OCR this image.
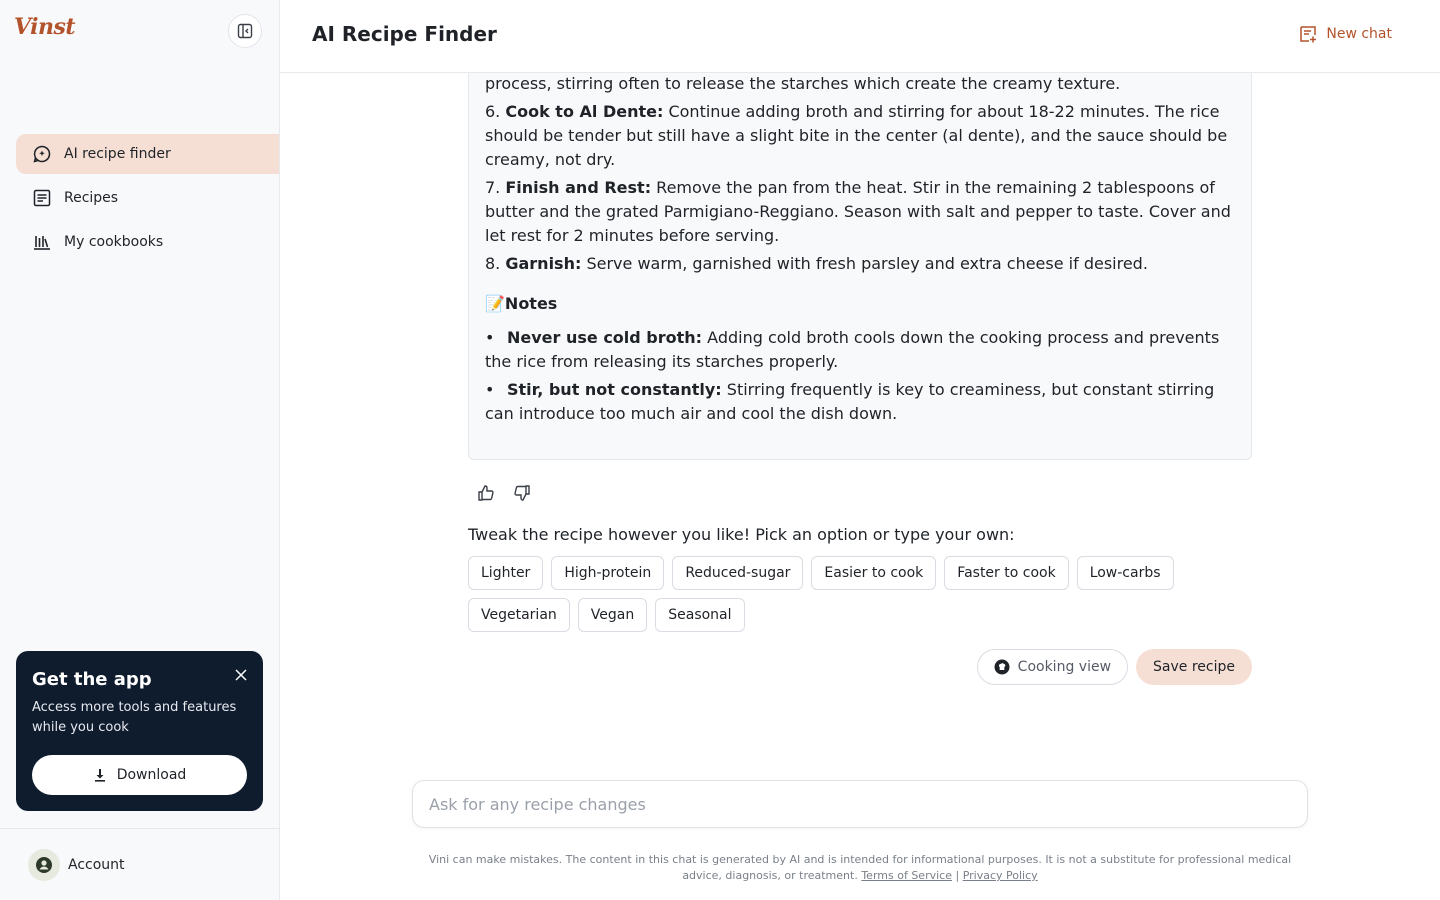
Vinst
AI recipe finder
Recipes
My cookbooks
Get the app
Access more tools and features while you cook
Download
Account
AI Recipe Finder	New chat
process, stirring often to release the starches which create the creamy texture.
6. Cook to Al Dente: Continue adding broth and stirring for about 18-22 minutes. The rice should be tender but still have a slight bite in the center (al dente), and the sauce should be creamy, not dry.
7. Finish and Rest: Remove the pan from the heat. Stir in the remaining 2 tablespoons of butter and the grated Parmigiano-Reggiano. Season with salt and pepper to taste. Cover and let rest for 2 minutes before serving.
8. Garnish: Serve warm, garnished with fresh parsley and extra cheese if desired.
📝Notes
• Never use cold broth: Adding cold broth cools down the cooking process and prevents the rice from releasing its starches properly.
• Stir, but not constantly: Stirring frequently is key to creaminess, but constant stirring can introduce too much air and cool the dish down.
Tweak the recipe however you like! Pick an option or type your own:
Lighter	High-protein	Reduced-sugar	Easier to cook	Faster to cook	Low-carbs
Vegetarian	Vegan	Seasonal
Cooking view	Save recipe
Ask for any recipe changes
Vini can make mistakes. The content in this chat is generated by AI and is intended for informational purposes. It is not a substitute for professional medical advice, diagnosis, or treatment. Terms of Service | Privacy Policy
